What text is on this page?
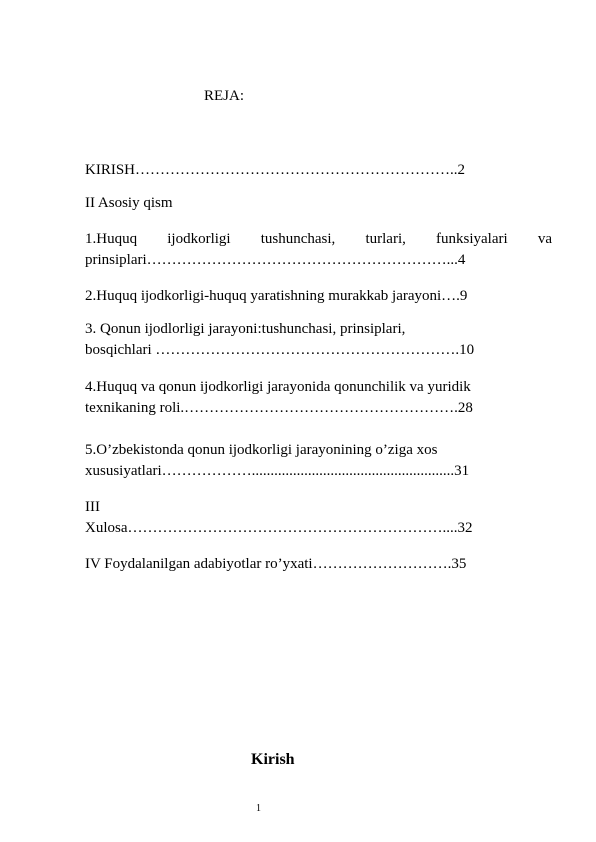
REJA:
KIRISH………………………………………………………..2
II Asosiy qism
1.Huquq ijodkorligi tushunchasi, turlari, funksiyalari va
prinsiplari……………………………………………………...4
2.Huquq ijodkorligi-huquq yaratishning murakkab jarayoni….9
3. Qonun ijodlorligi jarayoni:tushunchasi, prinsiplari,
bosqichlari …………………………………………………….10
4.Huquq va qonun ijodkorligi jarayonida qonunchilik va yuridik
texnikaning roli.……………………………………………….28
5.O’zbekistonda qonun ijodkorligi jarayonining o’ziga xos
xususiyatlari………………......................................................31
III
Xulosa………………………………………………………....32
IV Foydalanilgan adabiyotlar ro’yxati……………………….35
Kirish
1
